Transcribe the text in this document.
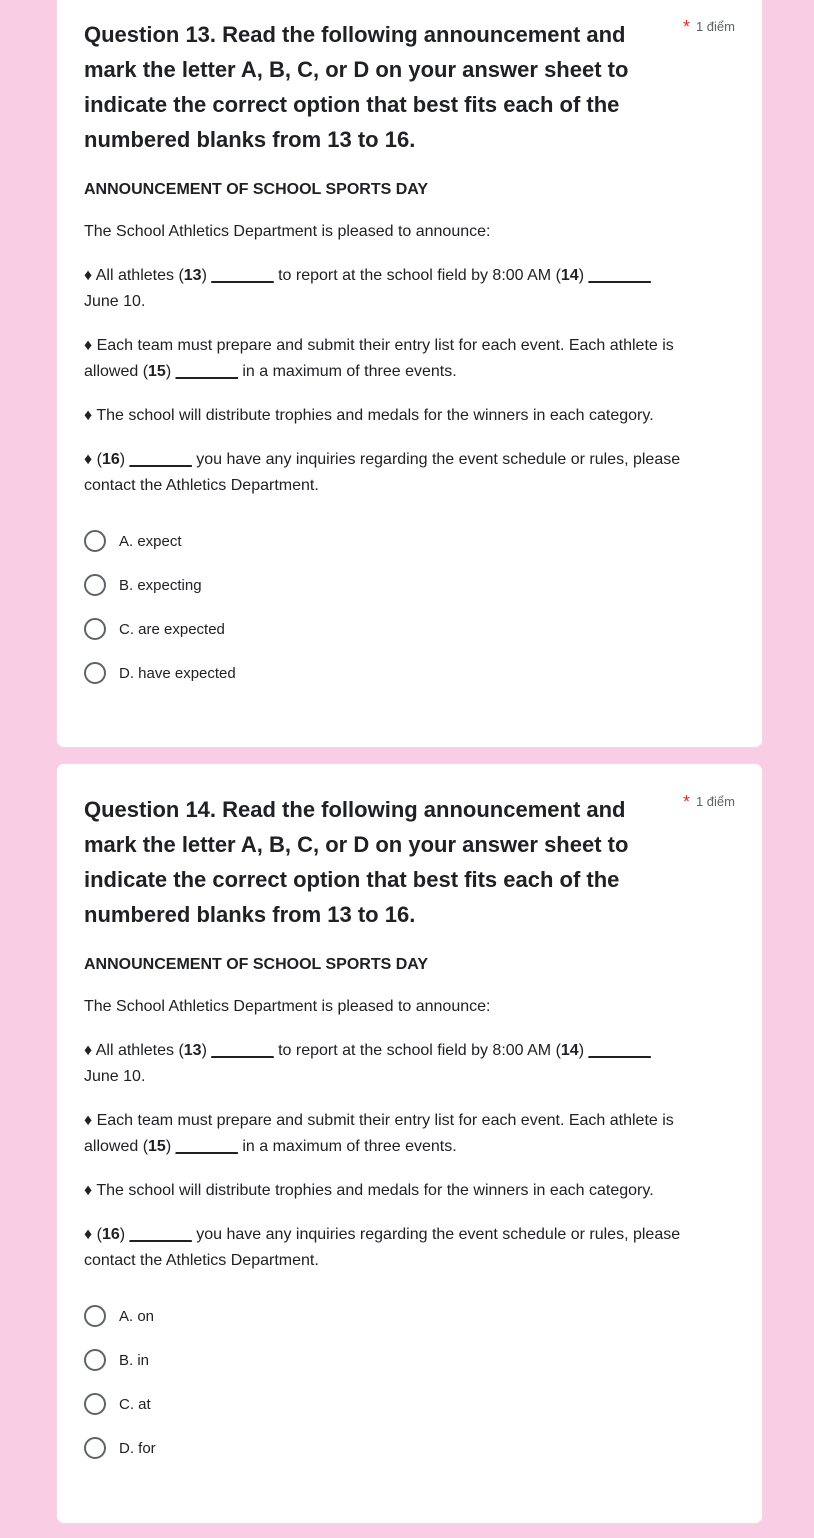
Question 13. Read the following announcement and mark the letter A, B, C, or D on your answer sheet to indicate the correct option that best fits each of the numbered blanks from 13 to 16.
* 1 điểm
ANNOUNCEMENT OF SCHOOL SPORTS DAY
The School Athletics Department is pleased to announce:
♦ All athletes (13) _______ to report at the school field by 8:00 AM (14) _______ June 10.
♦ Each team must prepare and submit their entry list for each event. Each athlete is allowed (15) _______ in a maximum of three events.
♦ The school will distribute trophies and medals for the winners in each category.
♦ (16) _______ you have any inquiries regarding the event schedule or rules, please contact the Athletics Department.
A. expect
B. expecting
C. are expected
D. have expected
Question 14. Read the following announcement and mark the letter A, B, C, or D on your answer sheet to indicate the correct option that best fits each of the numbered blanks from 13 to 16.
* 1 điểm
ANNOUNCEMENT OF SCHOOL SPORTS DAY
The School Athletics Department is pleased to announce:
♦ All athletes (13) _______ to report at the school field by 8:00 AM (14) _______ June 10.
♦ Each team must prepare and submit their entry list for each event. Each athlete is allowed (15) _______ in a maximum of three events.
♦ The school will distribute trophies and medals for the winners in each category.
♦ (16) _______ you have any inquiries regarding the event schedule or rules, please contact the Athletics Department.
A. on
B. in
C. at
D. for
